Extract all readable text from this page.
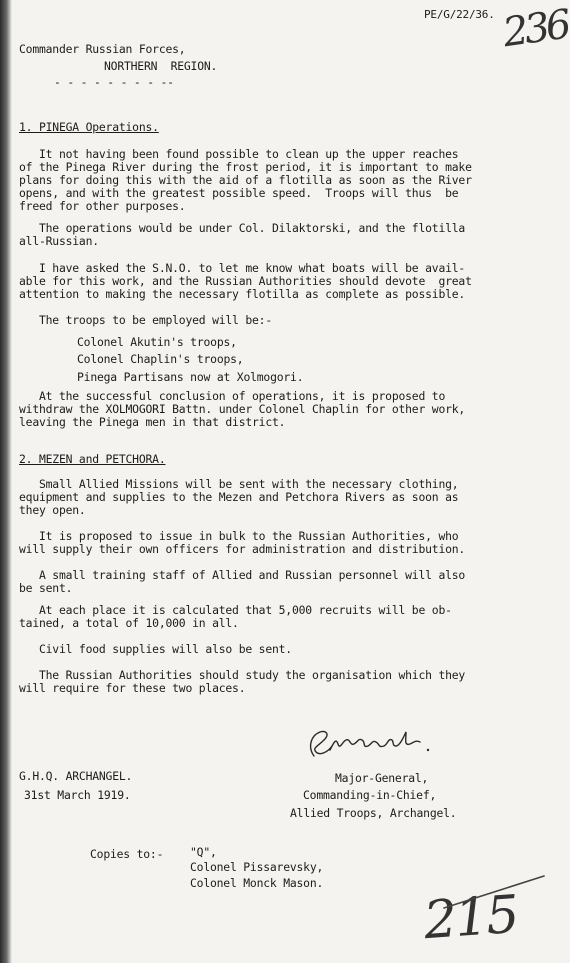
PE/G/22/36. 236
Commander Russian Forces,
NORTHERN  REGION.
- - - - - - - - --
1. PINEGA Operations.
It not having been found possible to clean up the upper reaches
of the Pinega River during the frost period, it is important to make
plans for doing this with the aid of a flotilla as soon as the River
opens, and with the greatest possible speed.  Troops will thus  be
freed for other purposes.
The operations would be under Col. Dilaktorski, and the flotilla
all-Russian.
I have asked the S.N.O. to let me know what boats will be avail-
able for this work, and the Russian Authorities should devote  great
attention to making the necessary flotilla as complete as possible.
The troops to be employed will be:-
Colonel Akutin's troops,
Colonel Chaplin's troops,
Pinega Partisans now at Xolmogori.
At the successful conclusion of operations, it is proposed to
withdraw the XOLMOGORI Battn. under Colonel Chaplin for other work,
leaving the Pinega men in that district.
2. MEZEN and PETCHORA.
Small Allied Missions will be sent with the necessary clothing,
equipment and supplies to the Mezen and Petchora Rivers as soon as
they open.
It is proposed to issue in bulk to the Russian Authorities, who
will supply their own officers for administration and distribution.
A small training staff of Allied and Russian personnel will also
be sent.
At each place it is calculated that 5,000 recruits will be ob-
tained, a total of 10,000 in all.
Civil food supplies will also be sent.
The Russian Authorities should study the organisation which they
will require for these two places.
G.H.Q. ARCHANGEL.
31st March 1919.
Major-General,
Commanding-in-Chief,
Allied Troops, Archangel.
Copies to:- "Q",
Colonel Pissarevsky,
Colonel Monck Mason.
215
